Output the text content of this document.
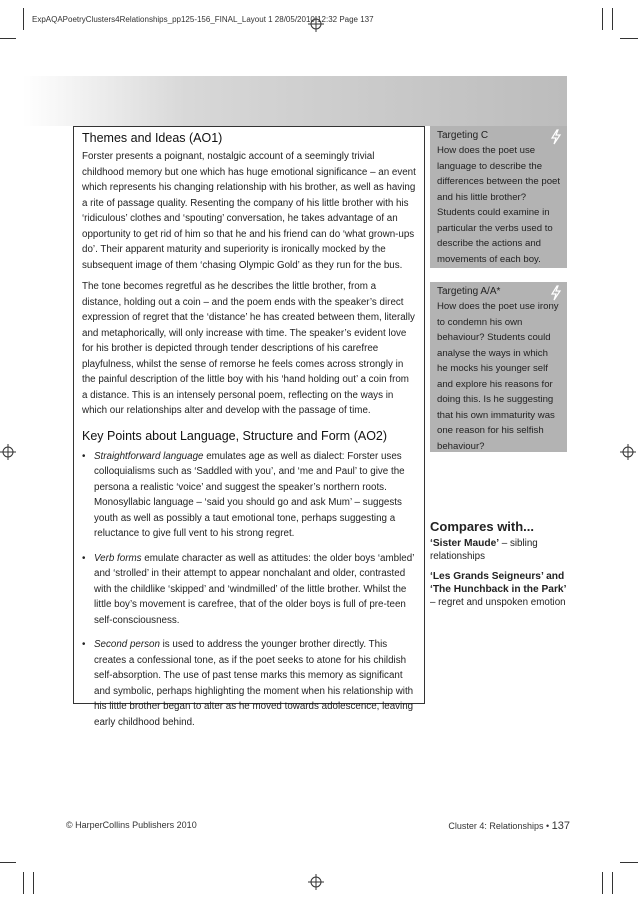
ExpAQAPoetryClusters4Relationships_pp125-156_FINAL_Layout 1 28/05/2010 12:32 Page 137
Themes and Ideas (AO1)

Forster presents a poignant, nostalgic account of a seemingly trivial childhood memory but one which has huge emotional significance – an event which represents his changing relationship with his brother, as well as having a rite of passage quality. Resenting the company of his little brother with his ‘ridiculous’ clothes and ‘spouting’ conversation, he takes advantage of an opportunity to get rid of him so that he and his friend can do ‘what grown-ups do’. Their apparent maturity and superiority is ironically mocked by the subsequent image of them ‘chasing Olympic Gold’ as they run for the bus.

The tone becomes regretful as he describes the little brother, from a distance, holding out a coin – and the poem ends with the speaker’s direct expression of regret that the ‘distance’ he has created between them, literally and metaphorically, will only increase with time. The speaker’s evident love for his brother is depicted through tender descriptions of his carefree playfulness, whilst the sense of remorse he feels comes across strongly in the painful description of the little boy with his ‘hand holding out’ a coin from a distance. This is an intensely personal poem, reflecting on the ways in which our relationships alter and develop with the passage of time.

Key Points about Language, Structure and Form (AO2)
• Straightforward language emulates age as well as dialect: Forster uses colloquialisms such as ‘Saddled with you’, and ‘me and Paul’ to give the persona a realistic ‘voice’ and suggest the speaker’s northern roots. Monosyllabic language – ‘said you should go and ask Mum’ – suggests youth as well as possibly a taut emotional tone, perhaps suggesting a reluctance to give full vent to his strong regret.
• Verb forms emulate character as well as attitudes: the older boys ‘ambled’ and ‘strolled’ in their attempt to appear nonchalant and older, contrasted with the childlike ‘skipped’ and ‘windmilled’ of the little brother. Whilst the little boy’s movement is carefree, that of the older boys is full of pre-teen self-consciousness.
• Second person is used to address the younger brother directly. This creates a confessional tone, as if the poet seeks to atone for his childish self-absorption. The use of past tense marks this memory as significant and symbolic, perhaps highlighting the moment when his relationship with his little brother began to alter as he moved towards adolescence, leaving early childhood behind.
Targeting C
How does the poet use language to describe the differences between the poet and his little brother? Students could examine in particular the verbs used to describe the actions and movements of each boy.
Targeting A/A*
How does the poet use irony to condemn his own behaviour? Students could analyse the ways in which he mocks his younger self and explore his reasons for doing this. Is he suggesting that his own immaturity was one reason for his selfish behaviour?
Compares with...
‘Sister Maude’ – sibling relationships
‘Les Grands Seigneurs’ and ‘The Hunchback in the Park’ – regret and unspoken emotion
© HarperCollins Publishers 2010	Cluster 4: Relationships • 137
